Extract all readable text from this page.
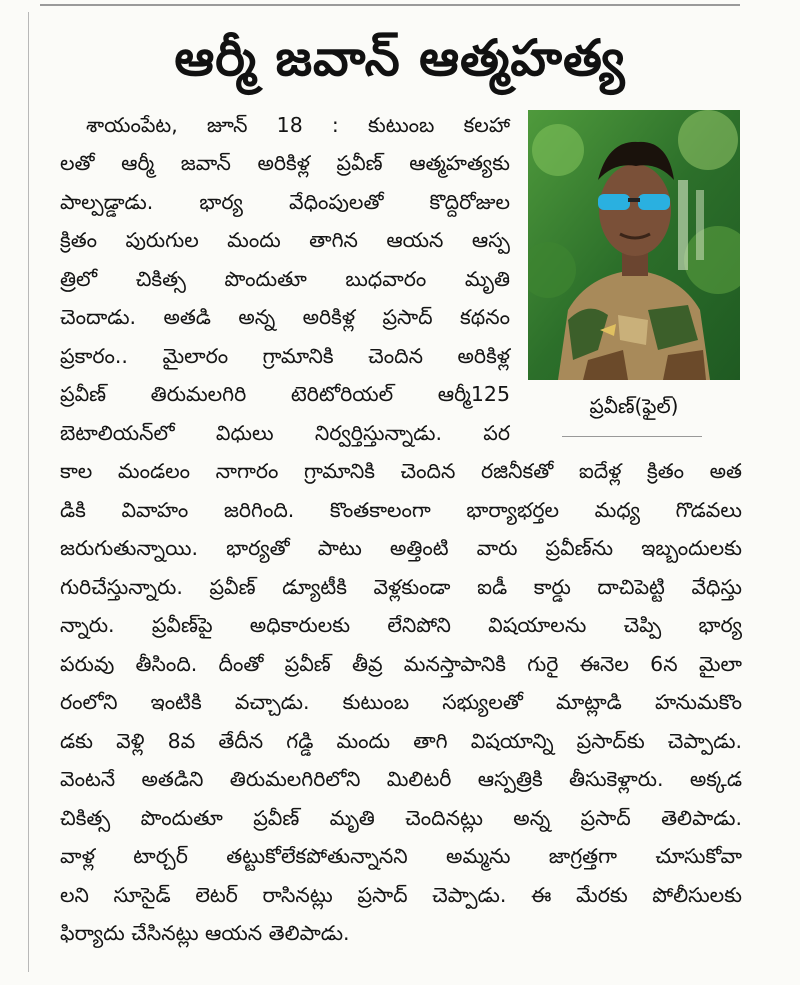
ఆర్మీ జవాన్ ఆత్మహత్య
ప్రవీణ్(ఫైల్)
శాయంపేట, జూన్ 18 : కుటుంబ కలహా
లతో ఆర్మీ జవాన్ అరికిళ్ల ప్రవీణ్ ఆత్మహత్యకు
పాల్పడ్డాడు. భార్య వేధింపులతో కొద్దిరోజుల
క్రితం పురుగుల మందు తాగిన ఆయన ఆస్ప
త్రిలో చికిత్స పొందుతూ బుధవారం మృతి
చెందాడు. అతడి అన్న అరికిళ్ల ప్రసాద్ కథనం
ప్రకారం.. మైలారం గ్రామానికి చెందిన అరికిళ్ల
ప్రవీణ్ తిరుమలగిరి టెరిటోరియల్ ఆర్మీ125
బెటాలియన్‌లో విధులు నిర్వర్తిస్తున్నాడు. పర
కాల మండలం నాగారం గ్రామానికి చెందిన రజినీకతో ఐదేళ్ల క్రితం అత
డికి వివాహం జరిగింది. కొంతకాలంగా భార్యాభర్తల మధ్య గొడవలు
జరుగుతున్నాయి. భార్యతో పాటు అత్తింటి వారు ప్రవీణ్‌ను ఇబ్బందులకు
గురిచేస్తున్నారు. ప్రవీణ్ డ్యూటీకి వెళ్లకుండా ఐడీ కార్డు దాచిపెట్టి వేధిస్తు
న్నారు. ప్రవీణ్‌పై అధికారులకు లేనిపోని విషయాలను చెప్పి భార్య
పరువు తీసింది. దీంతో ప్రవీణ్ తీవ్ర మనస్తాపానికి గురై ఈనెల 6న మైలా
రంలోని ఇంటికి వచ్చాడు. కుటుంబ సభ్యులతో మాట్లాడి హనుమకొం
డకు వెళ్లి 8వ తేదీన గడ్డి మందు తాగి విషయాన్ని ప్రసాద్‌కు చెప్పాడు.
వెంటనే అతడిని తిరుమలగిరిలోని మిలిటరీ ఆస్పత్రికి తీసుకెళ్లారు. అక్కడ
చికిత్స పొందుతూ ప్రవీణ్ మృతి చెందినట్లు అన్న ప్రసాద్ తెలిపాడు.
వాళ్ల టార్చర్ తట్టుకోలేకపోతున్నానని అమ్మను జాగ్రత్తగా చూసుకోవా
లని సూసైడ్ లెటర్ రాసినట్లు ప్రసాద్ చెప్పాడు. ఈ మేరకు పోలీసులకు
ఫిర్యాదు చేసినట్లు ఆయన తెలిపాడు.
